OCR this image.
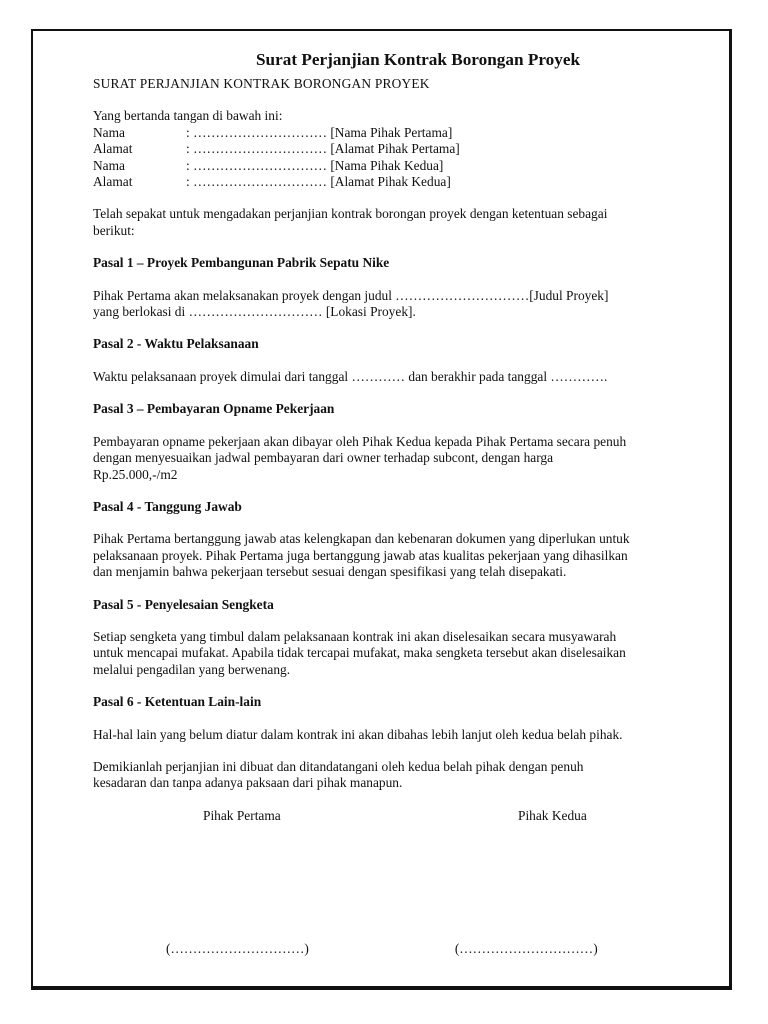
Surat Perjanjian Kontrak Borongan Proyek

SURAT PERJANJIAN KONTRAK BORONGAN PROYEK

Yang bertanda tangan di bawah ini:

Nama	: ………………………… [Nama Pihak Pertama]
Alamat	: ………………………… [Alamat Pihak Pertama]
Nama	: ………………………… [Nama Pihak Kedua]
Alamat	: ………………………… [Alamat Pihak Kedua]

Telah sepakat untuk mengadakan perjanjian kontrak borongan proyek dengan ketentuan sebagai

berikut:

Pasal 1 – Proyek Pembangunan Pabrik Sepatu Nike

Pihak Pertama akan melaksanakan proyek dengan judul …………………………[Judul Proyek]

yang berlokasi di ………………………… [Lokasi Proyek].

Pasal 2 - Waktu Pelaksanaan

Waktu pelaksanaan proyek dimulai dari tanggal ………… dan berakhir pada tanggal ………….

Pasal 3 – Pembayaran Opname Pekerjaan

Pembayaran opname pekerjaan akan dibayar oleh Pihak Kedua kepada Pihak Pertama secara penuh

dengan menyesuaikan jadwal pembayaran dari owner terhadap subcont, dengan harga

Rp.25.000,-/m2

Pasal 4 - Tanggung Jawab

Pihak Pertama bertanggung jawab atas kelengkapan dan kebenaran dokumen yang diperlukan untuk

pelaksanaan proyek. Pihak Pertama juga bertanggung jawab atas kualitas pekerjaan yang dihasilkan

dan menjamin bahwa pekerjaan tersebut sesuai dengan spesifikasi yang telah disepakati.

Pasal 5 - Penyelesaian Sengketa

Setiap sengketa yang timbul dalam pelaksanaan kontrak ini akan diselesaikan secara musyawarah

untuk mencapai mufakat. Apabila tidak tercapai mufakat, maka sengketa tersebut akan diselesaikan

melalui pengadilan yang berwenang.

Pasal 6 - Ketentuan Lain-lain

Hal-hal lain yang belum diatur dalam kontrak ini akan dibahas lebih lanjut oleh kedua belah pihak.

Demikianlah perjanjian ini dibuat dan ditandatangani oleh kedua belah pihak dengan penuh

kesadaran dan tanpa adanya paksaan dari pihak manapun.

Pihak Pertama	Pihak Kedua
(…………………………)	(…………………………)
